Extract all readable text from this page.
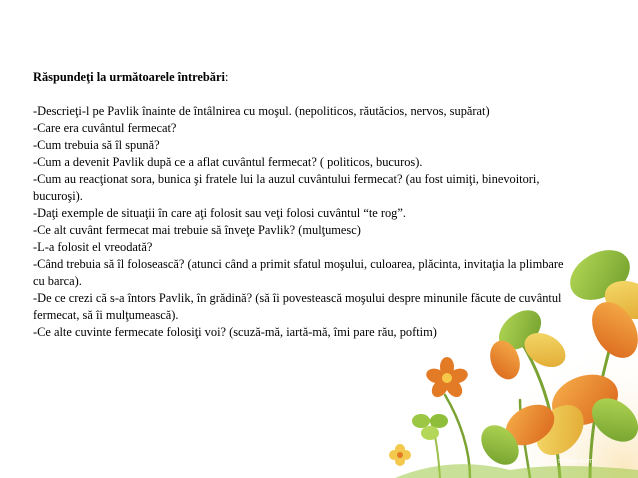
Răspundeţi la următoarele întrebări:

-Descrieţi-l pe Pavlik înainte de întâlnirea cu moşul. (nepoliticos, răutăcios, nervos, supărat)

-Care era cuvântul fermecat?

-Cum trebuia să îl spună?

-Cum a devenit Pavlik după ce a aflat cuvântul fermecat? ( politicos, bucuros).

-Cum au reacţionat sora, bunica şi fratele lui la auzul cuvântului fermecat? (au fost uimiţi, binevoitori, bucuroşi).

-Daţi exemple de situaţii în care aţi folosit sau veţi folosi cuvântul “te rog”.

-Ce alt cuvânt fermecat mai trebuie să înveţe Pavlik? (mulţumesc)

-L-a folosit el vreodată?

-Când trebuia să îl folosească? (atunci când a primit sfatul moşului, culoarea, plăcinta, invitaţia la plimbare cu barca).

-De ce crezi că s-a întors Pavlik, în grădină? (să îi povestească moşului despre minunile făcute de cuvântul fermecat, să îi mulţumească).

-Ce alte cuvinte fermecate folosiţi voi? (scuză-mă, iartă-mă, îmi pare rău, poftim)

slihris.com
